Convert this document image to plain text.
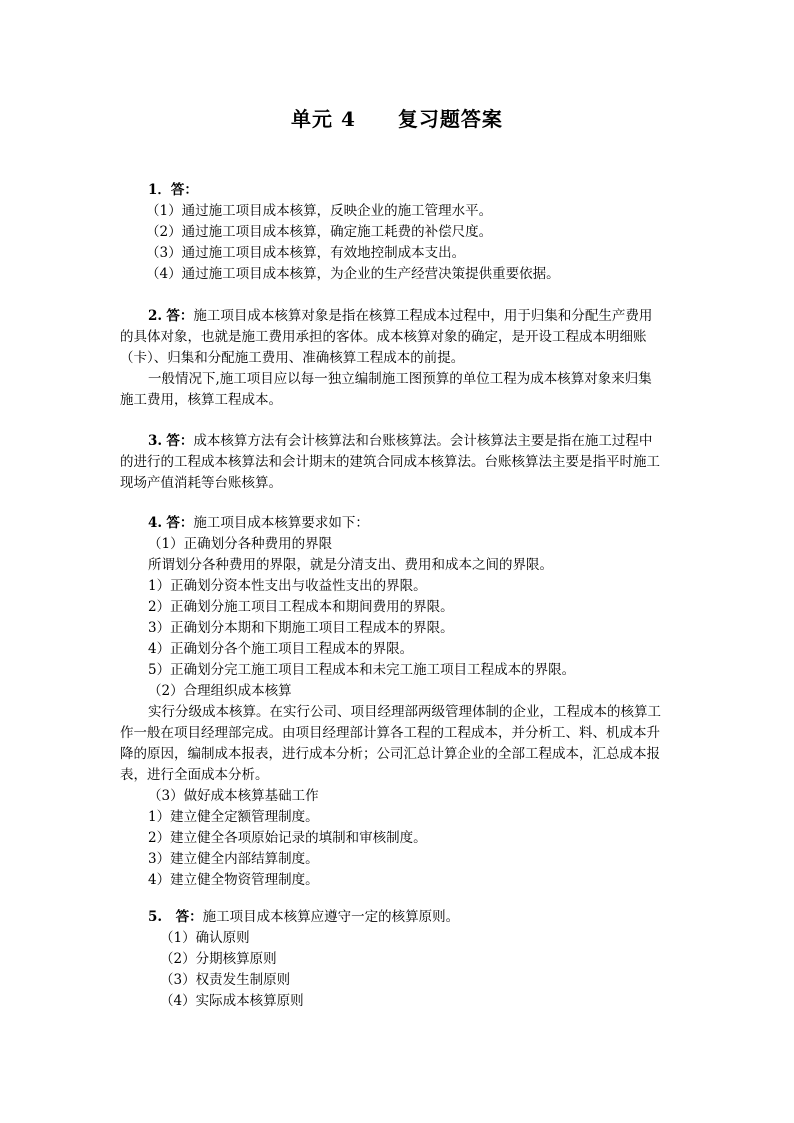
单元 4　　复习题答案
1．答：
（1）通过施工项目成本核算，反映企业的施工管理水平。
（2）通过施工项目成本核算，确定施工耗费的补偿尺度。
（3）通过施工项目成本核算，有效地控制成本支出。
（4）通过施工项目成本核算，为企业的生产经营决策提供重要依据。
2. 答：施工项目成本核算对象是指在核算工程成本过程中，用于归集和分配生产费用
的具体对象，也就是施工费用承担的客体。成本核算对象的确定，是开设工程成本明细账
（卡）、归集和分配施工费用、准确核算工程成本的前提。
一般情况下,施工项目应以每一独立编制施工图预算的单位工程为成本核算对象来归集
施工费用，核算工程成本。
3. 答：成本核算方法有会计核算法和台账核算法。会计核算法主要是指在施工过程中
的进行的工程成本核算法和会计期末的建筑合同成本核算法。台账核算法主要是指平时施工
现场产值消耗等台账核算。
4. 答：施工项目成本核算要求如下：
（1）正确划分各种费用的界限
所谓划分各种费用的界限，就是分清支出、费用和成本之间的界限。
1）正确划分资本性支出与收益性支出的界限。
2）正确划分施工项目工程成本和期间费用的界限。
3）正确划分本期和下期施工项目工程成本的界限。
4）正确划分各个施工项目工程成本的界限。
5）正确划分完工施工项目工程成本和未完工施工项目工程成本的界限。
（2）合理组织成本核算
实行分级成本核算。在实行公司、项目经理部两级管理体制的企业，工程成本的核算工
作一般在项目经理部完成。由项目经理部计算各工程的工程成本，并分析工、料、机成本升
降的原因，编制成本报表，进行成本分析；公司汇总计算企业的全部工程成本，汇总成本报
表，进行全面成本分析。
（3）做好成本核算基础工作
1）建立健全定额管理制度。
2）建立健全各项原始记录的填制和审核制度。
3）建立健全内部结算制度。
4）建立健全物资管理制度。
5.　答：施工项目成本核算应遵守一定的核算原则。
（1）确认原则
（2）分期核算原则
（3）权责发生制原则
（4）实际成本核算原则
